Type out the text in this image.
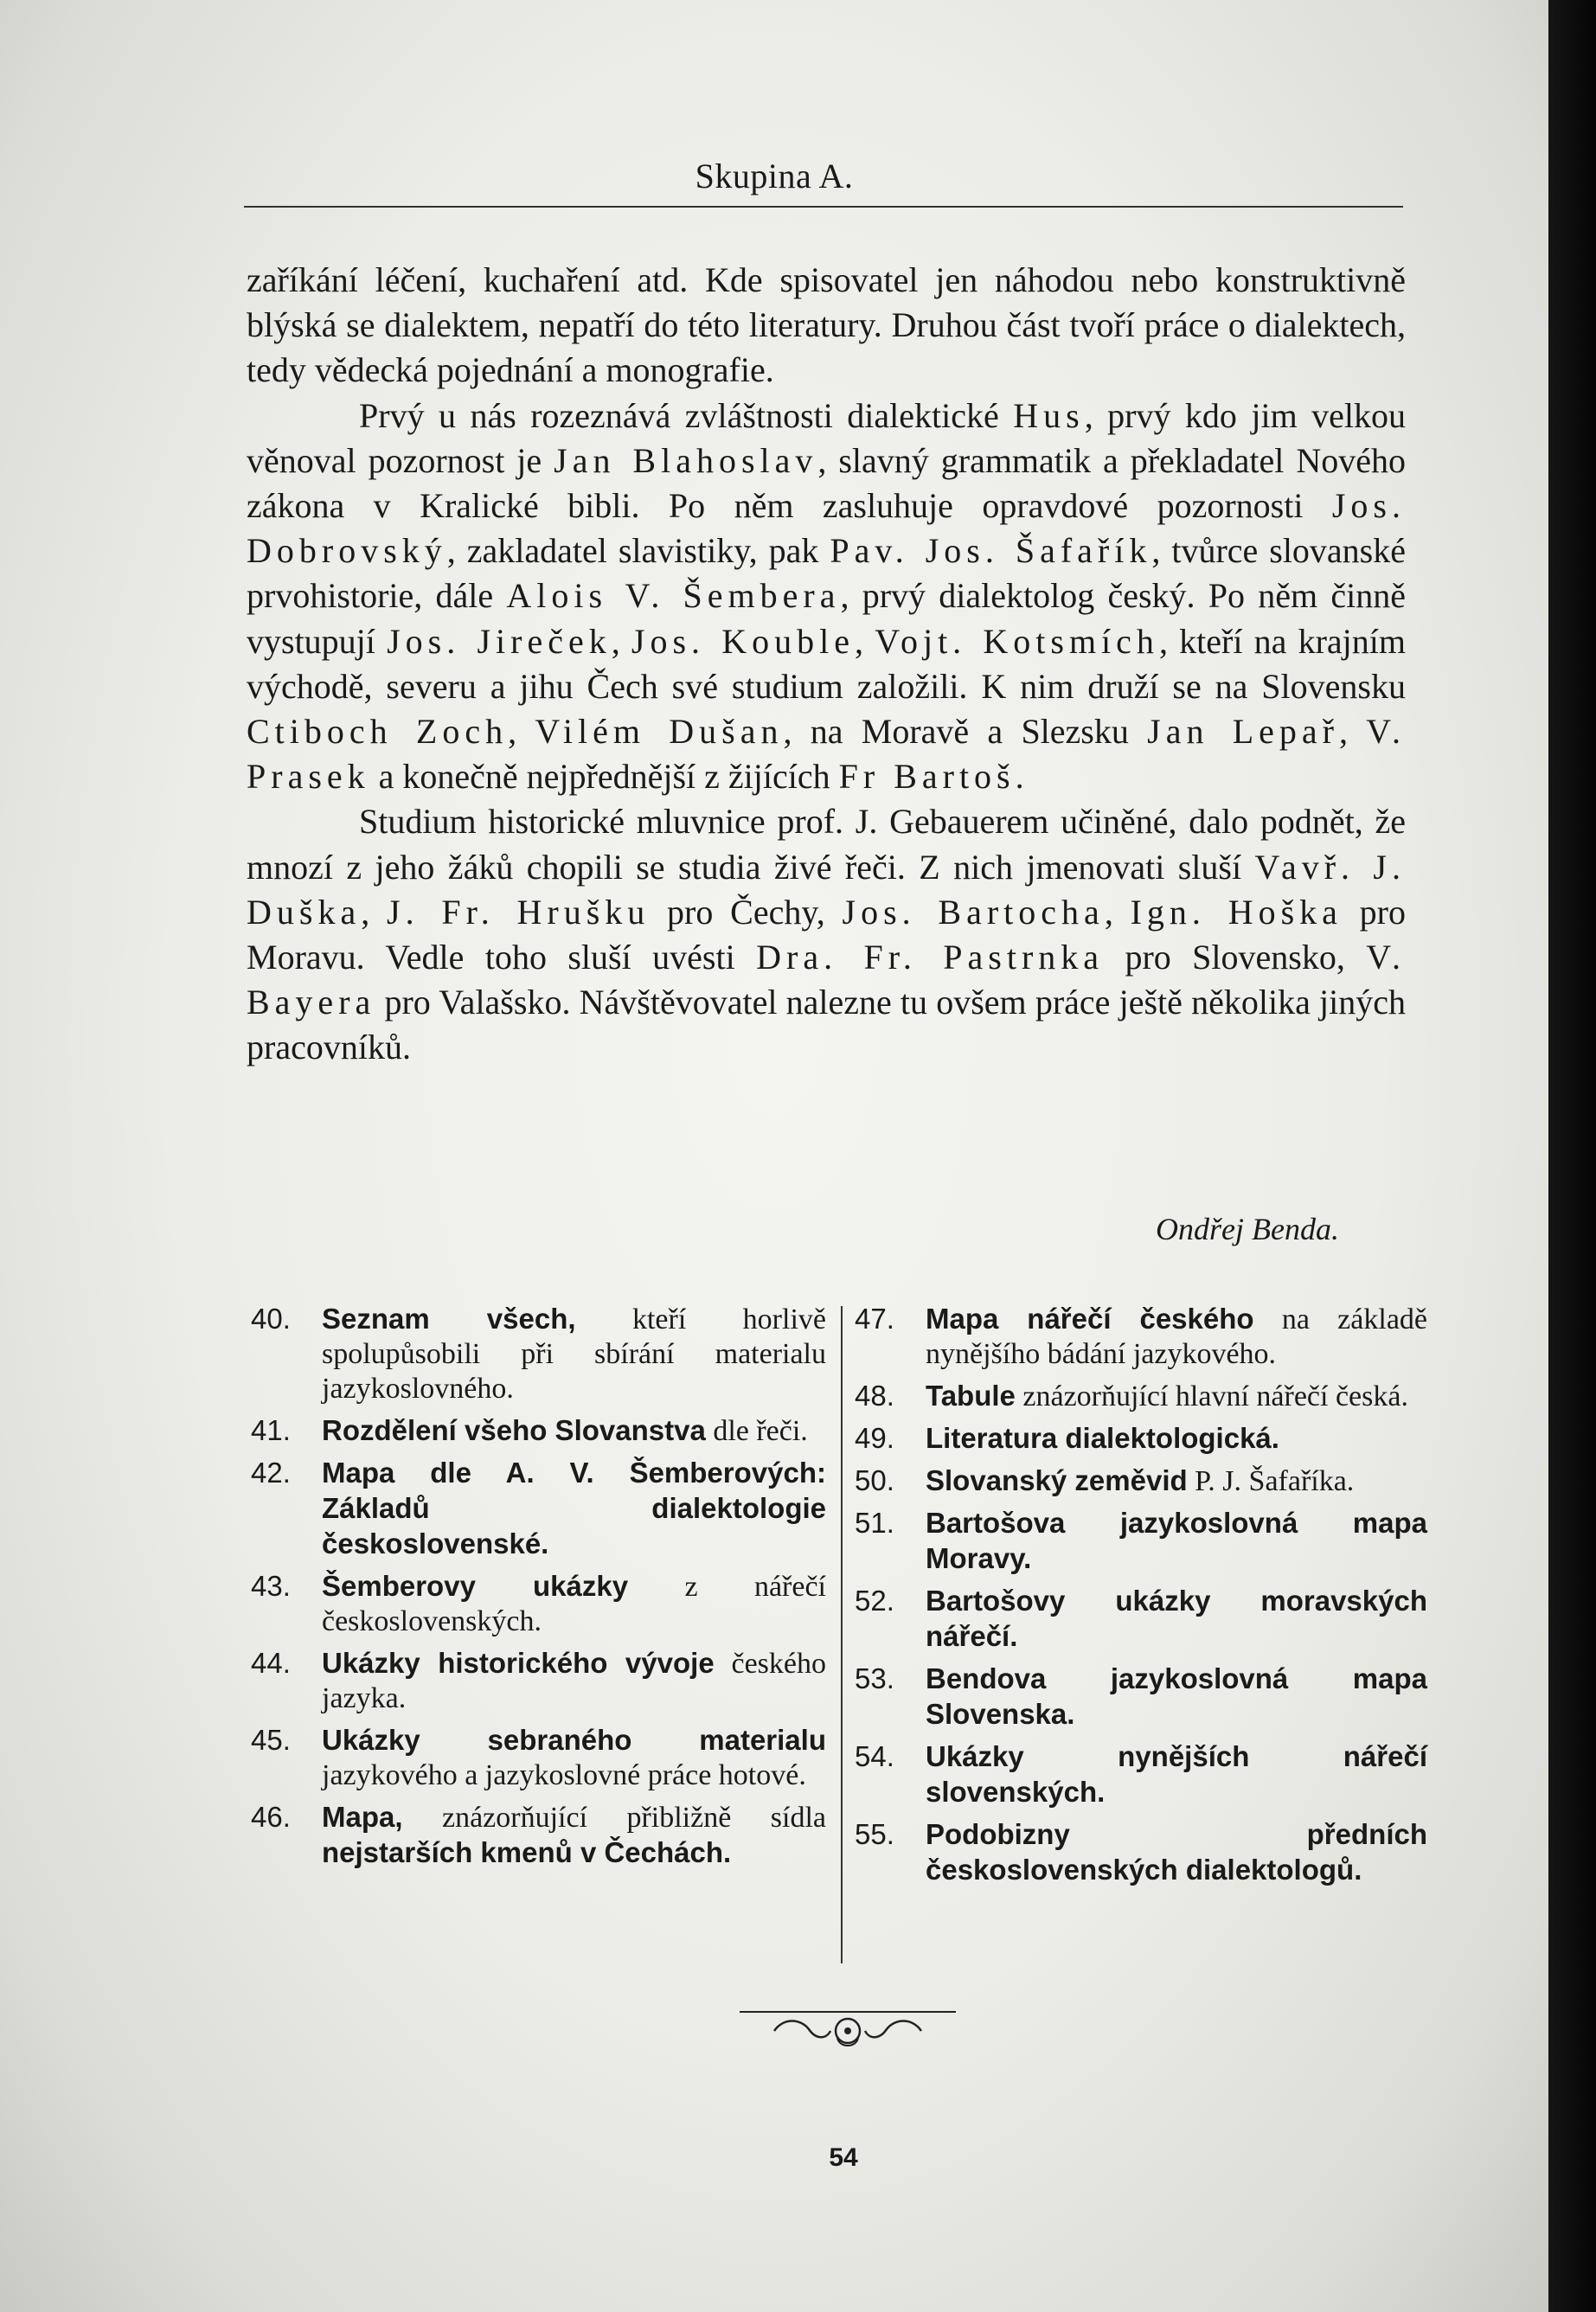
Skupina A.

zaříkání léčení, kuchaření atd. Kde spisovatel jen náhodou nebo konstruktivně blýská se dialektem, nepatří do této literatury. Druhou část tvoří práce o dialektech, tedy vědecká pojednání a monografie.

Prvý u nás rozeznává zvláštnosti dialektické Hus, prvý kdo jim velkou věnoval pozornost je Jan Blahoslav, slavný grammatik a překladatel Nového zákona v Kralické bibli. Po něm zasluhuje opravdové pozornosti Jos. Dobrovský, zakladatel slavistiky, pak Pav. Jos. Šafařík, tvůrce slovanské prvohistorie, dále Alois V. Šembera, prvý dialektolog český. Po něm činně vystupují Jos. Jireček, Jos. Kouble, Vojt. Kotsmích, kteří na krajním východě, severu a jihu Čech své studium založili. K nim druží se na Slovensku Ctiboch Zoch, Vilém Dušan, na Moravě a Slezsku Jan Lepař, V. Prasek a konečně nejpřednější z žijících Fr Bartoš.

Studium historické mluvnice prof. J. Gebauerem učiněné, dalo podnět, že mnozí z jeho žáků chopili se studia živé řeči. Z nich jmenovati sluší Vavř. J. Duška, J. Fr. Hrušku pro Čechy, Jos. Bartocha, Ign. Hoška pro Moravu. Vedle toho sluší uvésti Dra. Fr. Pastrnka pro Slovensko, V. Bayera pro Valašsko. Návštěvovatel nalezne tu ovšem práce ještě několika jiných pracovníků.

Ondřej Benda.
40.	Seznam všech, kteří horlivě spolupůsobili při sbírání materialu jazykoslovného.
41.	Rozdělení všeho Slovanstva dle řeči.
42.	Mapa dle A. V. Šemberových: Základů dialektologie československé.
43.	Šemberovy ukázky z nářečí československých.
44.	Ukázky historického vývoje českého jazyka.
45.	Ukázky sebraného materialu jazykového a jazykoslovné práce hotové.
46.	Mapa, znázorňující přibližně sídla nejstarších kmenů v Čechách.
47.	Mapa nářečí českého na základě nynějšího bádání jazykového.
48.	Tabule znázorňující hlavní nářečí česká.
49.	Literatura dialektologická.
50.	Slovanský zeměvid P. J. Šafaříka.
51.	Bartošova jazykoslovná mapa Moravy.
52.	Bartošovy ukázky moravských nářečí.
53.	Bendova jazykoslovná mapa Slovenska.
54.	Ukázky nynějších nářečí slovenských.
55.	Podobizny předních československých dialektologů.
54
